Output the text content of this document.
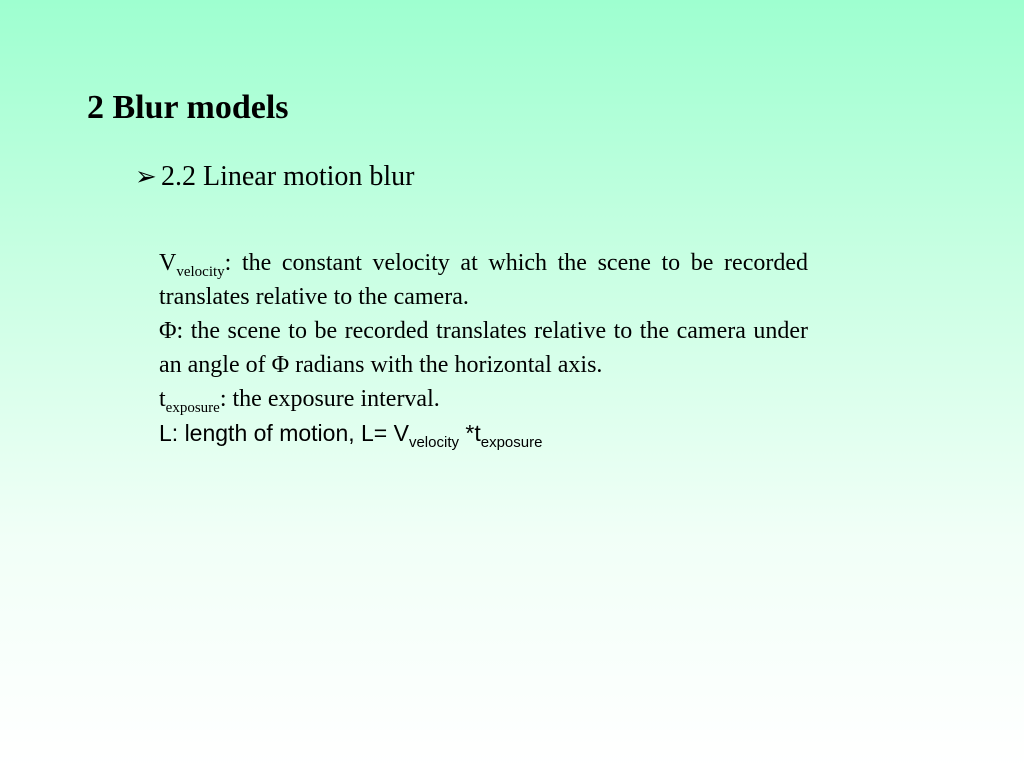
2 Blur models
➢ 2.2 Linear motion blur

$V_{velocity}$: the constant velocity at which the scene to be recorded translates relative to the camera.

Φ: the scene to be recorded translates relative to the camera under an angle of Φ radians with the horizontal axis.

$t_{exposure}$: the exposure interval.

L: length of motion, $L= V_{velocity}$ $*t_{exposure}$
